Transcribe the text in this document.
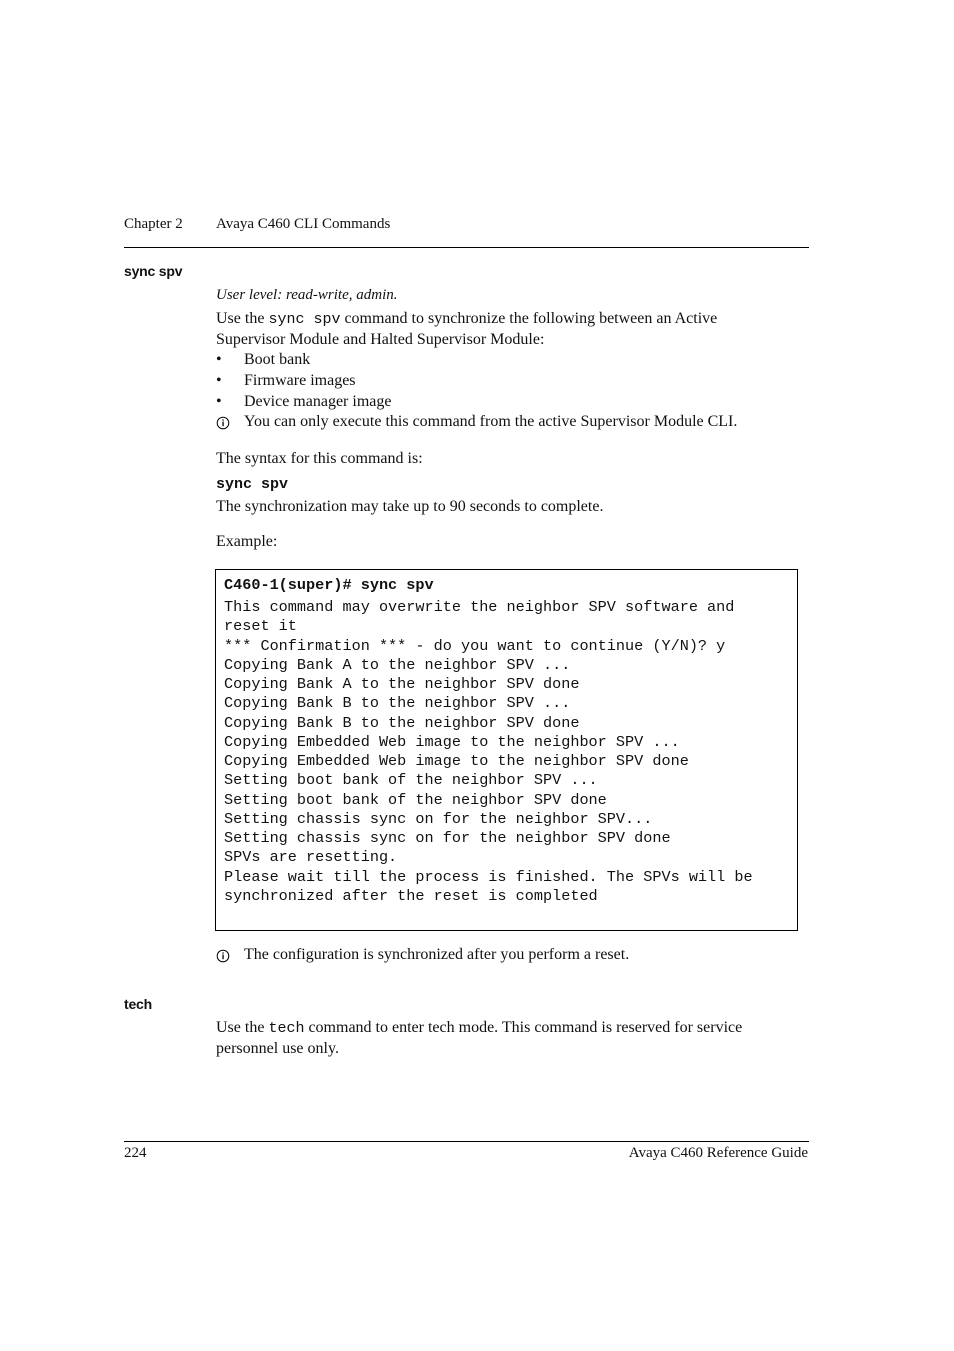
Chapter 2 Avaya C460 CLI Commands
sync spv
User level: read-write, admin.
Use the sync spv command to synchronize the following between an Active
Supervisor Module and Halted Supervisor Module:
• Boot bank
• Firmware images
• Device manager image
You can only execute this command from the active Supervisor Module CLI.
The syntax for this command is:
sync spv
The synchronization may take up to 90 seconds to complete.
Example:
C460-1(super)# sync spv
This command may overwrite the neighbor SPV software and
reset it
*** Confirmation *** - do you want to continue (Y/N)? y
Copying Bank A to the neighbor SPV ...
Copying Bank A to the neighbor SPV done
Copying Bank B to the neighbor SPV ...
Copying Bank B to the neighbor SPV done
Copying Embedded Web image to the neighbor SPV ...
Copying Embedded Web image to the neighbor SPV done
Setting boot bank of the neighbor SPV ...
Setting boot bank of the neighbor SPV done
Setting chassis sync on for the neighbor SPV...
Setting chassis sync on for the neighbor SPV done
SPVs are resetting.
Please wait till the process is finished. The SPVs will be
synchronized after the reset is completed
The configuration is synchronized after you perform a reset.
tech
Use the tech command to enter tech mode. This command is reserved for service
personnel use only.
224	Avaya C460 Reference Guide
